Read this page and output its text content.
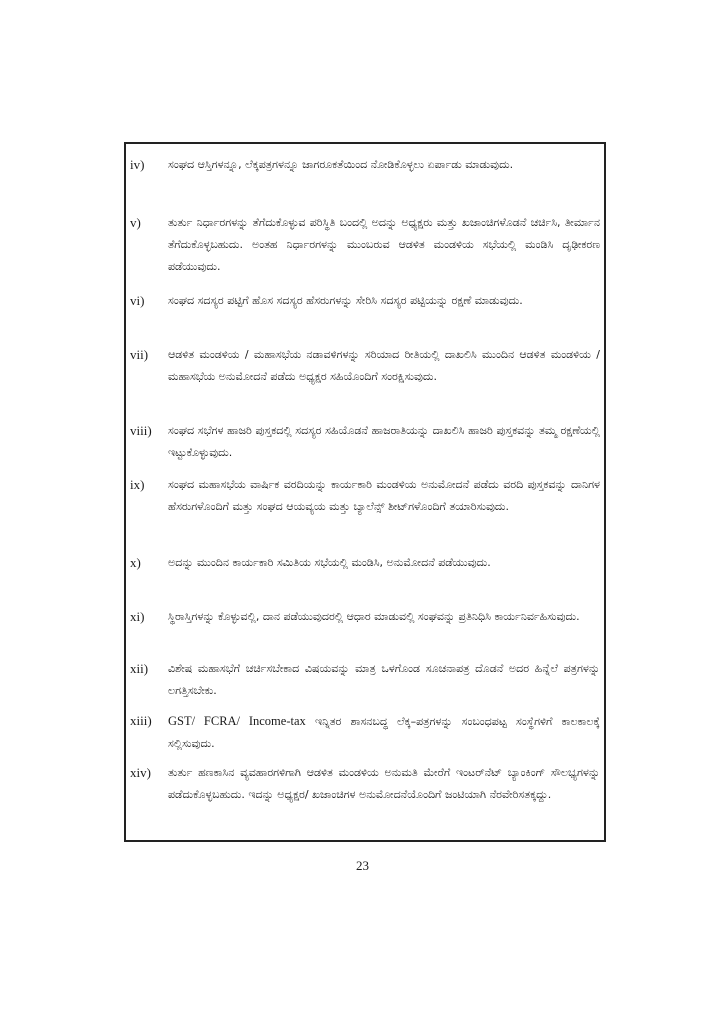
iv)	ಸಂಘದ ಆಸ್ತಿಗಳನ್ನೂ, ಲೆಕ್ಕಪತ್ರಗಳನ್ನೂ ಜಾಗರೂಕತೆಯಿಂದ ನೋಡಿಕೊಳ್ಳಲು ಏರ್ಪಾಡು ಮಾಡುವುದು.
v)	ತುರ್ತು ನಿರ್ಧಾರಗಳನ್ನು ತೆಗೆದುಕೊಳ್ಳುವ ಪರಿಸ್ಥಿತಿ ಬಂದಲ್ಲಿ ಅದನ್ನು ಅಧ್ಯಕ್ಷರು ಮತ್ತು ಖಜಾಂಚಿಗಳೊಡನೆ ಚರ್ಚಿಸಿ, ತೀರ್ಮಾನ ತೆಗೆದುಕೊಳ್ಳಬಹುದು. ಅಂತಹ ನಿರ್ಧಾರಗಳನ್ನು ಮುಂಬರುವ ಆಡಳಿತ ಮಂಡಳಿಯ ಸಭೆಯಲ್ಲಿ ಮಂಡಿಸಿ ದೃಢೀಕರಣ ಪಡೆಯುವುದು.
vi)	ಸಂಘದ ಸದಸ್ಯರ ಪಟ್ಟಿಗೆ ಹೊಸ ಸದಸ್ಯರ ಹೆಸರುಗಳನ್ನು ಸೇರಿಸಿ ಸದಸ್ಯರ ಪಟ್ಟಿಯನ್ನು ರಕ್ಷಣೆ ಮಾಡುವುದು.
vii)	ಆಡಳಿತ ಮಂಡಳಿಯ / ಮಹಾಸಭೆಯ ನಡಾವಳಿಗಳನ್ನು ಸರಿಯಾದ ರೀತಿಯಲ್ಲಿ ದಾಖಲಿಸಿ ಮುಂದಿನ ಆಡಳಿತ ಮಂಡಳಿಯ / ಮಹಾಸಭೆಯ ಅನುಮೋದನೆ ಪಡೆದು ಅಧ್ಯಕ್ಷರ ಸಹಿಯೊಂದಿಗೆ ಸಂರಕ್ಷಿಸುವುದು.
viii)	ಸಂಘದ ಸಭೆಗಳ ಹಾಜರಿ ಪುಸ್ತಕದಲ್ಲಿ ಸದಸ್ಯರ ಸಹಿಯೊಡನೆ ಹಾಜರಾತಿಯನ್ನು ದಾಖಲಿಸಿ ಹಾಜರಿ ಪುಸ್ತಕವನ್ನು ತಮ್ಮ ರಕ್ಷಣೆಯಲ್ಲಿ ಇಟ್ಟುಕೊಳ್ಳುವುದು.
ix)	ಸಂಘದ ಮಹಾಸಭೆಯ ವಾರ್ಷಿಕ ವರದಿಯನ್ನು ಕಾರ್ಯಕಾರಿ ಮಂಡಳಿಯ ಅನುಮೋದನೆ ಪಡೆದು ವರದಿ ಪುಸ್ತಕವನ್ನು ದಾನಿಗಳ ಹೆಸರುಗಳೊಂದಿಗೆ ಮತ್ತು ಸಂಘದ ಆಯವ್ಯಯ ಮತ್ತು ಬ್ಯಾಲೆನ್ಸ್ ಶೀಟ್‌ಗಳೊಂದಿಗೆ ತಯಾರಿಸುವುದು.
x)	ಅದನ್ನು ಮುಂದಿನ ಕಾರ್ಯಕಾರಿ ಸಮಿತಿಯ ಸಭೆಯಲ್ಲಿ ಮಂಡಿಸಿ, ಅನುಮೋದನೆ ಪಡೆಯುವುದು.
xi)	ಸ್ಥಿರಾಸ್ತಿಗಳನ್ನು ಕೊಳ್ಳುವಲ್ಲಿ, ದಾನ ಪಡೆಯುವುದರಲ್ಲಿ ಆಧಾರ ಮಾಡುವಲ್ಲಿ ಸಂಘವನ್ನು ಪ್ರತಿನಿಧಿಸಿ ಕಾರ್ಯನಿರ್ವಹಿಸುವುದು.
xii)	ವಿಶೇಷ ಮಹಾಸಭೆಗೆ ಚರ್ಚಿಸಬೇಕಾದ ವಿಷಯವನ್ನು ಮಾತ್ರ ಒಳಗೊಂಡ ಸೂಚನಾಪತ್ರ ದೊಡನೆ ಅದರ ಹಿನ್ನೆಲೆ ಪತ್ರಗಳನ್ನು ಲಗತ್ತಿಸಬೇಕು.
xiii)	GST/ FCRA/ Income-tax ಇನ್ನಿತರ ಶಾಸನಬದ್ಧ ಲೆಕ್ಕ–ಪತ್ರಗಳನ್ನು ಸಂಬಂಧಪಟ್ಟ ಸಂಸ್ಥೆಗಳಿಗೆ ಕಾಲಕಾಲಕ್ಕೆ ಸಲ್ಲಿಸುವುದು.
xiv)	ತುರ್ತು ಹಣಕಾಸಿನ ವ್ಯವಹಾರಗಳಿಗಾಗಿ ಆಡಳಿತ ಮಂಡಳಿಯ ಅನುಮತಿ ಮೇರೆಗೆ ಇಂಟರ್‌ನೆಟ್ ಬ್ಯಾಂಕಿಂಗ್ ಸೌಲಭ್ಯಗಳನ್ನು ಪಡೆದುಕೊಳ್ಳಬಹುದು. ಇದನ್ನು ಅಧ್ಯಕ್ಷರ/ ಖಜಾಂಚಿಗಳ ಅನುಮೋದನೆಯೊಂದಿಗೆ ಜಂಟಿಯಾಗಿ ನೆರವೇರಿಸತಕ್ಕದ್ದು.
23
